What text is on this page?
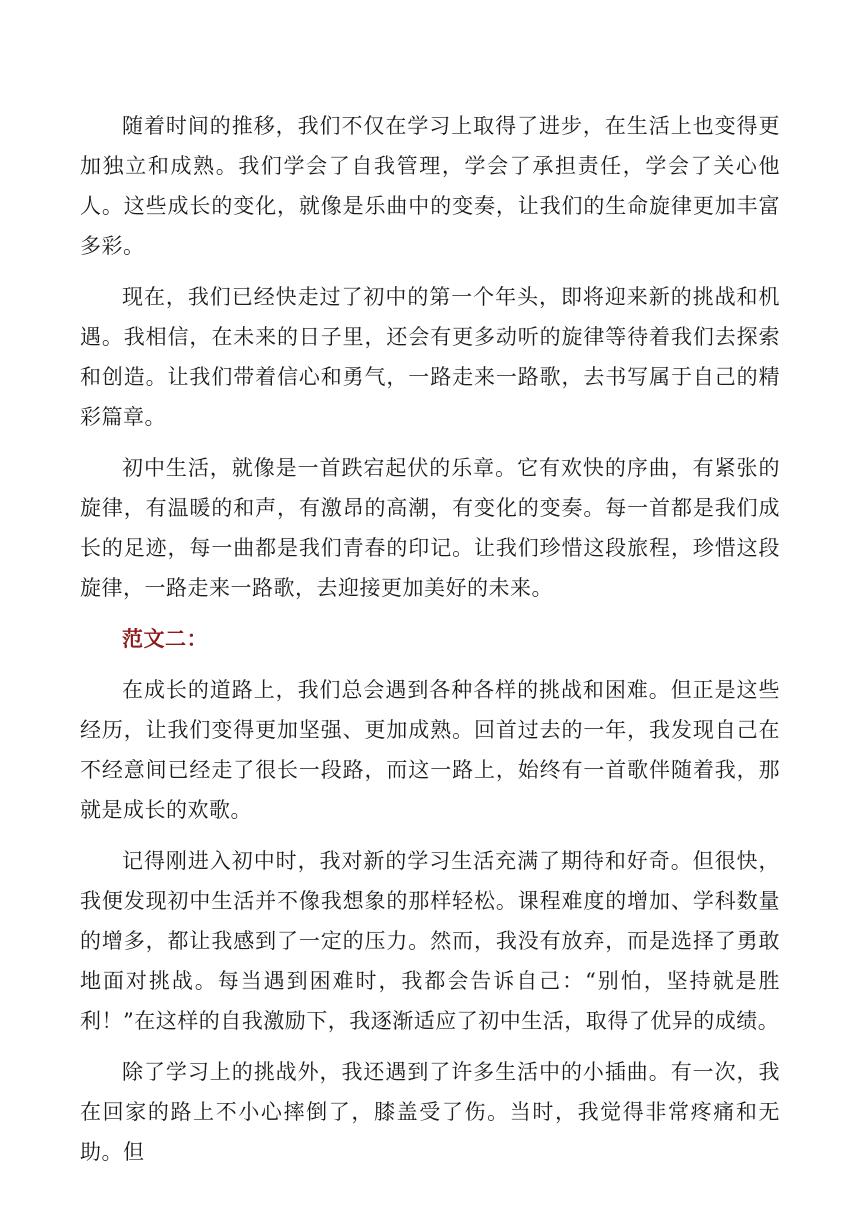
随着时间的推移，我们不仅在学习上取得了进步，在生活上也变得更加独立和成熟。我们学会了自我管理，学会了承担责任，学会了关心他人。这些成长的变化，就像是乐曲中的变奏，让我们的生命旋律更加丰富多彩。

现在，我们已经快走过了初中的第一个年头，即将迎来新的挑战和机遇。我相信，在未来的日子里，还会有更多动听的旋律等待着我们去探索和创造。让我们带着信心和勇气，一路走来一路歌，去书写属于自己的精彩篇章。

初中生活，就像是一首跌宕起伏的乐章。它有欢快的序曲，有紧张的旋律，有温暖的和声，有激昂的高潮，有变化的变奏。每一首都是我们成长的足迹，每一曲都是我们青春的印记。让我们珍惜这段旅程，珍惜这段旋律，一路走来一路歌，去迎接更加美好的未来。

范文二：

在成长的道路上，我们总会遇到各种各样的挑战和困难。但正是这些经历，让我们变得更加坚强、更加成熟。回首过去的一年，我发现自己在不经意间已经走了很长一段路，而这一路上，始终有一首歌伴随着我，那就是成长的欢歌。

记得刚进入初中时，我对新的学习生活充满了期待和好奇。但很快，我便发现初中生活并不像我想象的那样轻松。课程难度的增加、学科数量的增多，都让我感到了一定的压力。然而，我没有放弃，而是选择了勇敢地面对挑战。每当遇到困难时，我都会告诉自己：“别怕，坚持就是胜利！”在这样的自我激励下，我逐渐适应了初中生活，取得了优异的成绩。

除了学习上的挑战外，我还遇到了许多生活中的小插曲。有一次，我在回家的路上不小心摔倒了，膝盖受了伤。当时，我觉得非常疼痛和无助。但
